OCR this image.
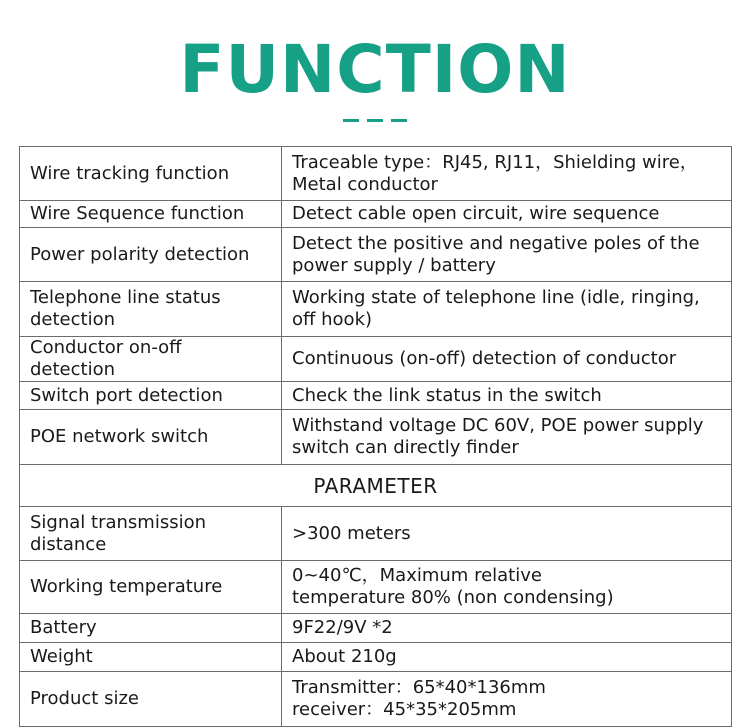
FUNCTION
Wire tracking function	Traceable type：RJ45, RJ11，Shielding wire，
Metal conductor
Wire Sequence function	Detect cable open circuit, wire sequence
Power polarity detection	Detect the positive and negative poles of the
power supply / battery
Telephone line status
detection	Working state of telephone line (idle, ringing,
off hook)
Conductor on-off detection	Continuous (on-off) detection of conductor
Switch port detection	Check the link status in the switch
POE network switch	Withstand voltage DC 60V, POE power supply
switch can directly finder
PARAMETER	
Signal transmission
distance	>300 meters
Working temperature	0~40℃，Maximum relative
temperature 80% (non condensing)
Battery	9F22/9V *2
Weight	About 210g
Product size	Transmitter：65*40*136mm
receiver：45*35*205mm
